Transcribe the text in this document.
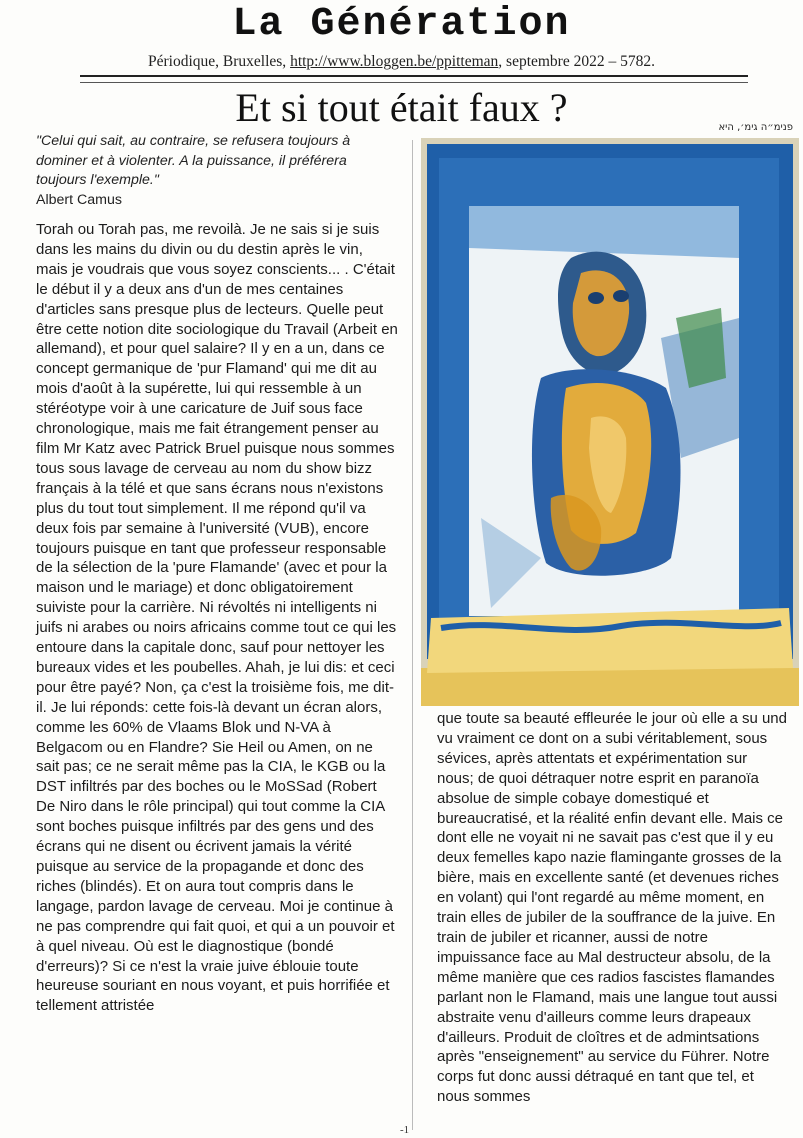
La Génération
Périodique, Bruxelles, http://www.bloggen.be/ppitteman, septembre 2022 – 5782.
Et si tout était faux ?	פנימ״ה גימ׳, היא
"Celui qui sait, au contraire, se refusera toujours à dominer et à violenter. A la puissance, il préférera toujours l'exemple."
Albert Camus
Torah ou Torah pas, me revoilà. Je ne sais si je suis dans les mains du divin ou du destin après le vin, mais je voudrais que vous soyez conscients... . C'était le début il y a deux ans d'un de mes centaines d'articles sans presque plus de lecteurs. Quelle peut être cette notion dite sociologique du Travail (Arbeit en allemand), et pour quel salaire? Il y en a un, dans ce concept germanique de 'pur Flamand' qui me dit au mois d'août à la supérette, lui qui ressemble à un stéréotype voir à une caricature de Juif sous face chronologique, mais me fait étrangement penser au film Mr Katz avec Patrick Bruel puisque nous sommes tous sous lavage de cerveau au nom du show bizz français à la télé et que sans écrans nous n'existons plus du tout tout simplement. Il me répond qu'il va deux fois par semaine à l'université (VUB), encore toujours puisque en tant que professeur responsable de la sélection de la 'pure Flamande' (avec et pour la maison und le mariage) et donc obligatoirement suiviste pour la carrière. Ni révoltés ni intelligents ni juifs ni arabes ou noirs africains comme tout ce qui les entoure dans la capitale donc, sauf pour nettoyer les bureaux vides et les poubelles. Ahah, je lui dis: et ceci pour être payé? Non, ça c'est la troisième fois, me dit-il. Je lui réponds: cette fois-là devant un écran alors, comme les 60% de Vlaams Blok und N-VA à Belgacom ou en Flandre? Sie Heil ou Amen, on ne sait pas; ce ne serait même pas la CIA, le KGB ou la DST infiltrés par des boches ou le MoSSad (Robert De Niro dans le rôle principal) qui tout comme la CIA sont boches puisque infiltrés par des gens und des écrans qui ne disent ou écrivent jamais la vérité puisque au service de la propagande et donc des riches (blindés). Et on aura tout compris dans le langage, pardon lavage de cerveau. Moi je continue à ne pas comprendre qui fait quoi, et qui a un pouvoir et à quel niveau. Où est le diagnostique (bondé d'erreurs)? Si ce n'est la vraie juive éblouie toute heureuse souriant en nous voyant, et puis horrifiée et tellement attristée
que toute sa beauté effleurée le jour où elle a su und vu vraiment ce dont on a subi véritablement, sous sévices, après attentats et expérimentation sur nous; de quoi détraquer notre esprit en paranoïa absolue de simple cobaye domestiqué et bureaucratisé, et la réalité enfin devant elle. Mais ce dont elle ne voyait ni ne savait pas c'est que il y eu deux femelles kapo nazie flamingante grosses de la bière, mais en excellente santé (et devenues riches en volant) qui l'ont regardé au même moment, en train elles de jubiler de la souffrance de la juive. En train de jubiler et ricanner, aussi de notre impuissance face au Mal destructeur absolu, de la même manière que ces radios fascistes flamandes parlant non le Flamand, mais une langue tout aussi abstraite venu d'ailleurs comme leurs drapeaux d'ailleurs. Produit de cloîtres et de admintsations après "enseignement" au service du Führer. Notre corps fut donc aussi détraqué en tant que tel, et nous sommes
-1
